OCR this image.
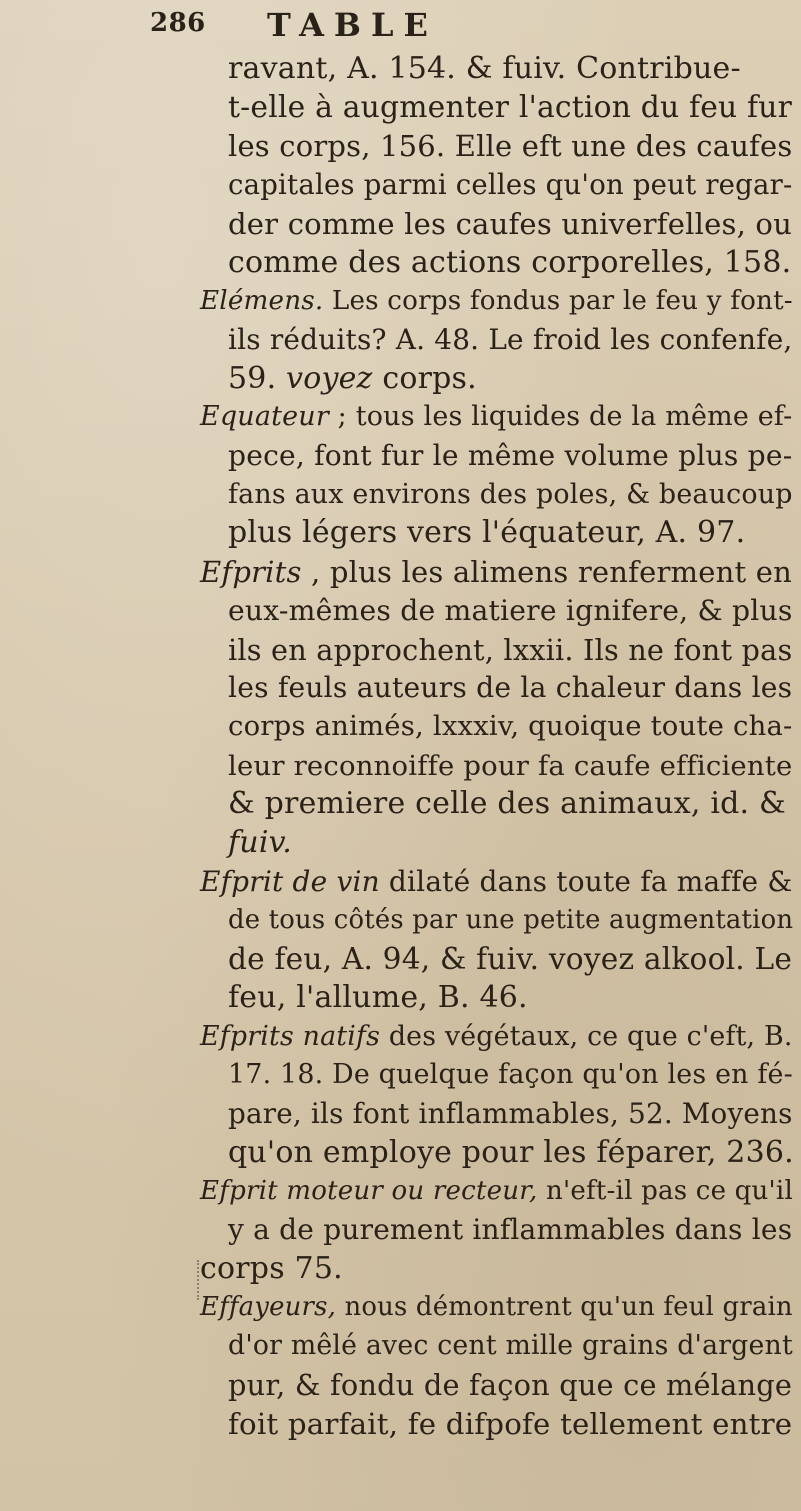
286 TABLE
ravant, A. 154. & fuiv. Contribue-
t-elle à augmenter l'action du feu fur
les corps, 156. Elle eft une des caufes
capitales parmi celles qu'on peut regar-
der comme les caufes univerfelles, ou
comme des actions corporelles, 158.
Elémens. Les corps fondus par le feu y font-
ils réduits? A. 48. Le froid les confenfe,
59. voyez corps.
Equateur ; tous les liquides de la même ef-
pece, font fur le même volume plus pe-
fans aux environs des poles, & beaucoup
plus légers vers l'équateur, A. 97.
Efprits , plus les alimens renferment en
eux-mêmes de matiere ignifere, & plus
ils en approchent, lxxii. Ils ne font pas
les feuls auteurs de la chaleur dans les
corps animés, lxxxiv, quoique toute cha-
leur reconnoiffe pour fa caufe efficiente
& premiere celle des animaux, id. &
fuiv.
Efprit de vin dilaté dans toute fa maffe &
de tous côtés par une petite augmentation
de feu, A. 94, & fuiv. voyez alkool. Le
feu, l'allume, B. 46.
Efprits natifs des végétaux, ce que c'eft, B.
17. 18. De quelque façon qu'on les en fé-
pare, ils font inflammables, 52. Moyens
qu'on employe pour les féparer, 236.
Efprit moteur ou recteur, n'eft-il pas ce qu'il
y a de purement inflammables dans les
corps 75.
Effayeurs, nous démontrent qu'un feul grain
d'or mêlé avec cent mille grains d'argent
pur, & fondu de façon que ce mélange
foit parfait, fe difpofe tellement entre
